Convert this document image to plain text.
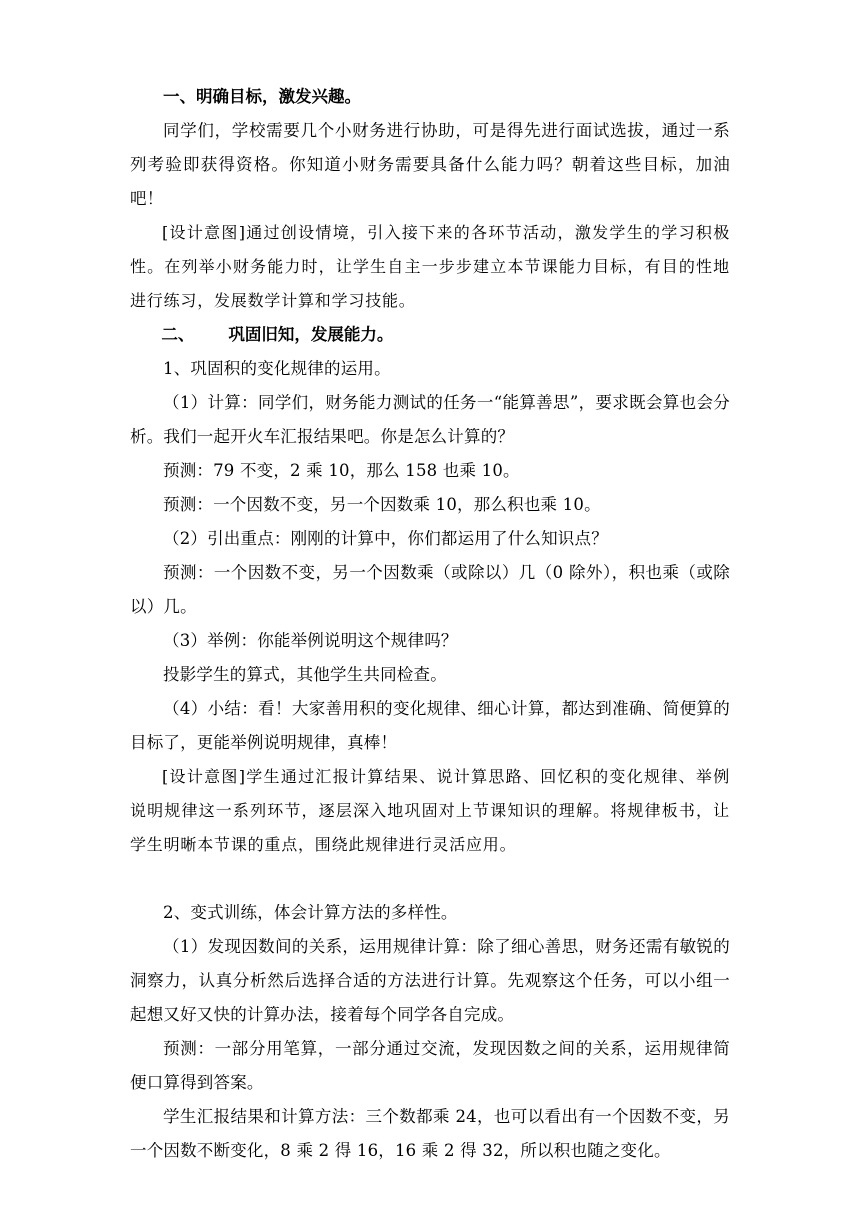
一、明确目标，激发兴趣。

同学们，学校需要几个小财务进行协助，可是得先进行面试选拔，通过一系列考验即获得资格。你知道小财务需要具备什么能力吗？朝着这些目标，加油吧！

[设计意图]通过创设情境，引入接下来的各环节活动，激发学生的学习积极性。在列举小财务能力时，让学生自主一步步建立本节课能力目标，有目的性地进行练习，发展数学计算和学习技能。

二、 巩固旧知，发展能力。

1、巩固积的变化规律的运用。

（1）计算：同学们，财务能力测试的任务一“能算善思”，要求既会算也会分析。我们一起开火车汇报结果吧。你是怎么计算的？

预测：79 不变，2 乘 10，那么 158 也乘 10。

预测：一个因数不变，另一个因数乘 10，那么积也乘 10。

（2）引出重点：刚刚的计算中，你们都运用了什么知识点？

预测：一个因数不变，另一个因数乘（或除以）几（0 除外），积也乘（或除以）几。

（3）举例：你能举例说明这个规律吗？

投影学生的算式，其他学生共同检查。

（4）小结：看！大家善用积的变化规律、细心计算，都达到准确、简便算的目标了，更能举例说明规律，真棒！

[设计意图]学生通过汇报计算结果、说计算思路、回忆积的变化规律、举例说明规律这一系列环节，逐层深入地巩固对上节课知识的理解。将规律板书，让学生明晰本节课的重点，围绕此规律进行灵活应用。

2、变式训练，体会计算方法的多样性。

（1）发现因数间的关系，运用规律计算：除了细心善思，财务还需有敏锐的洞察力，认真分析然后选择合适的方法进行计算。先观察这个任务，可以小组一起想又好又快的计算办法，接着每个同学各自完成。

预测：一部分用笔算，一部分通过交流，发现因数之间的关系，运用规律简便口算得到答案。

学生汇报结果和计算方法：三个数都乘 24，也可以看出有一个因数不变，另一个因数不断变化，8 乘 2 得 16，16 乘 2 得 32，所以积也随之变化。
